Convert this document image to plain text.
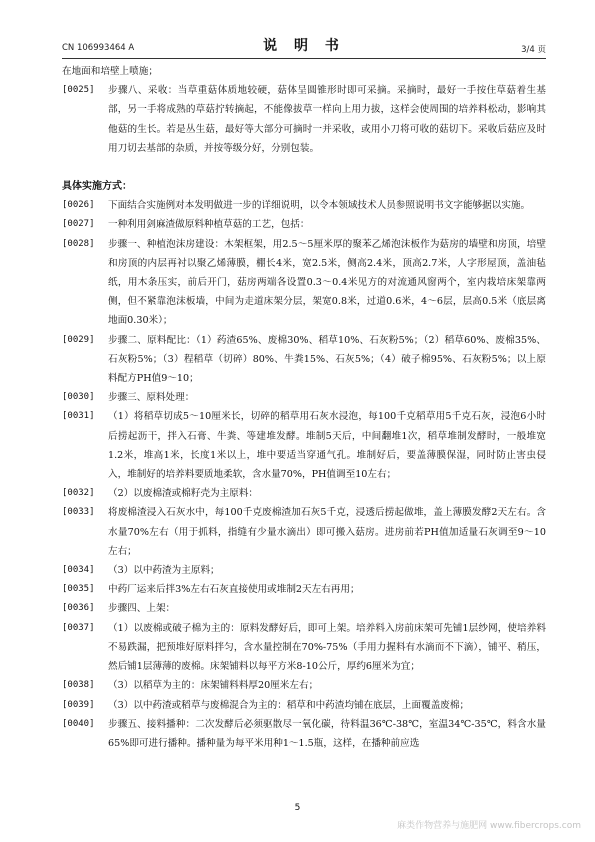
CN 106993464 A	说 明 书	3/4 页

在地面和培壁上喷施；

[0025]	步骤八、采收：当草重菇体质地较硬，菇体呈圆锥形时即可采摘。采摘时，最好一手按住草菇着生基部，另一手将成熟的草菇拧转摘起，不能像拔草一样向上用力拔，这样会使周围的培养料松动，影响其他菇的生长。若是丛生菇，最好等大部分可摘时一并采收，或用小刀将可收的菇切下。采收后菇应及时用刀切去基部的杂质，并按等级分好，分别包装。

具体实施方式：

[0026]	下面结合实施例对本发明做进一步的详细说明，以令本领域技术人员参照说明书文字能够据以实施。
[0027]	一种利用剑麻渣做原料种植草菇的工艺，包括：
[0028]	步骤一、种植泡沫房建设：木架框架，用2.5～5厘米厚的聚苯乙烯泡沫板作为菇房的墙壁和房顶，培壁和房顶的内层再衬以聚乙烯薄膜，棚长4米，宽2.5米，侧高2.4米，顶高2.7米，人字形屋顶，盖油毡纸，用木条压实，前后开门，菇房两端各设置0.3～0.4米见方的对流通风窗两个，室内栽培床架靠两侧，但不紧靠泡沫板墙，中间为走道床架分层，架宽0.8米，过道0.6米，4～6层，层高0.5米（底层离地面0.30米）；
[0029]	步骤二、原料配比：（1）药渣65%、废棉30%、稻草10%、石灰粉5%；（2）稻草60%、废棉35%、石灰粉5%；（3）程稻草（切碎）80%、牛粪15%、石灰5%；（4）破子棉95%、石灰粉5%；以上原料配方PH值9～10；
[0030]	步骤三、原料处理：
[0031]	（1）将稻草切成5～10厘米长，切碎的稻草用石灰水浸泡，每100千克稻草用5千克石灰，浸泡6小时后捞起沥干，拌入石膏、牛粪、等建堆发酵。堆制5天后，中间翻堆1次，稻草堆制发酵时，一般堆宽1.2米，堆高1米，长度1米以上，堆中要适当穿通气孔。堆制好后，要盖薄膜保湿，同时防止害虫侵入，堆制好的培养料要质地柔软，含水量70%，PH值调至10左右；
[0032]	（2）以废棉渣或棉籽壳为主原料：
[0033]	将废棉渣浸入石灰水中，每100千克废棉渣加石灰5千克，浸透后捞起做堆，盖上薄膜发酵2天左右。含水量70%左右（用于抓料，指缝有少量水滴出）即可搬入菇房。进房前若PH值加适量石灰调至9～10左右；
[0034]	（3）以中药渣为主原料；
[0035]	中药厂运来后拌3%左右石灰直接使用或堆制2天左右再用；
[0036]	步骤四、上架：
[0037]	（1）以废棉或破子棉为主的：原料发酵好后，即可上架。培养料入房前床架可先铺1层纱网，使培养料不易跌漏，把预堆好原料拌匀，含水量控制在70%-75%（手用力握料有水滴而不下滴），铺平、稍压，然后铺1层薄薄的废棉。床架铺料以每平方米8-10公斤，厚约6厘米为宜；
[0038]	（3）以稻草为主的：床架铺料料厚20厘米左右；
[0039]	（3）以中药渣或稻草与废棉混合为主的：稻草和中药渣均铺在底层，上面覆盖废棉；
[0040]	步骤五、接料播种：二次发酵后必须驱散尽一氧化碳，待料温36℃-38℃，室温34℃-35℃，料含水量65%即可进行播种。播种量为每平米用种1～1.5瓶，这样，在播种前应选
5
麻类作物营养与施肥网 www.fibercrops.com
